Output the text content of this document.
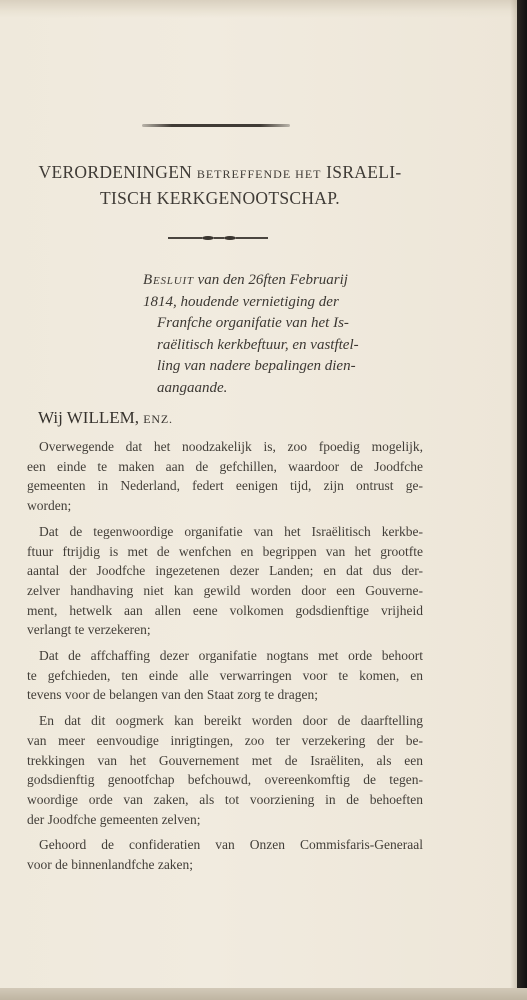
VERORDENINGEN BETREFFENDE HET ISRAELI-
TISCH KERKGENOOTSCHAP.
Besluit van den 26ften Februarij
1814, houdende vernietiging der
Franfche organifatie van het Is-
raëlitisch kerkbeftuur, en vastftel-
ling van nadere bepalingen dien-
aangaande.
Wij WILLEM, ENZ.
Overwegende dat het noodzakelijk is, zoo fpoedig mogelijk,
een einde te maken aan de gefchillen, waardoor de Joodfche
gemeenten in Nederland, federt eenigen tijd, zijn ontrust ge-
worden;
Dat de tegenwoordige organifatie van het Israëlitisch kerkbe-
ftuur ftrijdig is met de wenfchen en begrippen van het grootfte
aantal der Joodfche ingezetenen dezer Landen; en dat dus der-
zelver handhaving niet kan gewild worden door een Gouverne-
ment, hetwelk aan allen eene volkomen godsdienftige vrijheid
verlangt te verzekeren;
Dat de affchaffing dezer organifatie nogtans met orde behoort
te gefchieden, ten einde alle verwarringen voor te komen, en
tevens voor de belangen van den Staat zorg te dragen;
En dat dit oogmerk kan bereikt worden door de daarftelling
van meer eenvoudige inrigtingen, zoo ter verzekering der be-
trekkingen van het Gouvernement met de Israëliten, als een
godsdienftig genootfchap befchouwd, overeenkomftig de tegen-
woordige orde van zaken, als tot voorziening in de behoeften
der Joodfche gemeenten zelven;
Gehoord de confideratien van Onzen Commisfaris-Generaal
voor de binnenlandfche zaken;
